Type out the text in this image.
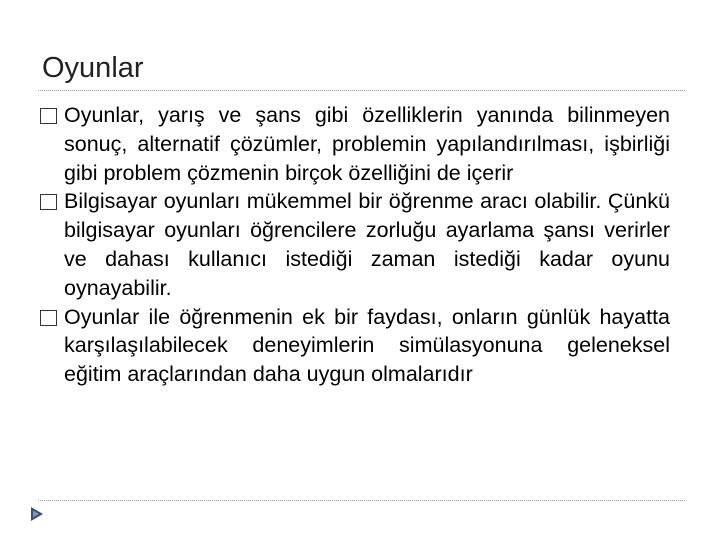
Oyunlar

Oyunlar, yarış ve şans gibi özelliklerin yanında bilinmeyen sonuç, alternatif çözümler, problemin yapılandırılması, işbirliği gibi problem çözmenin birçok özelliğini de içerir

Bilgisayar oyunları mükemmel bir öğrenme aracı olabilir. Çünkü bilgisayar oyunları öğrencilere zorluğu ayarlama şansı verirler ve dahası kullanıcı istediği zaman istediği kadar oyunu oynayabilir.

Oyunlar ile öğrenmenin ek bir faydası, onların günlük hayatta karşılaşılabilecek deneyimlerin simülasyonuna geleneksel eğitim araçlarından daha uygun olmalarıdır
